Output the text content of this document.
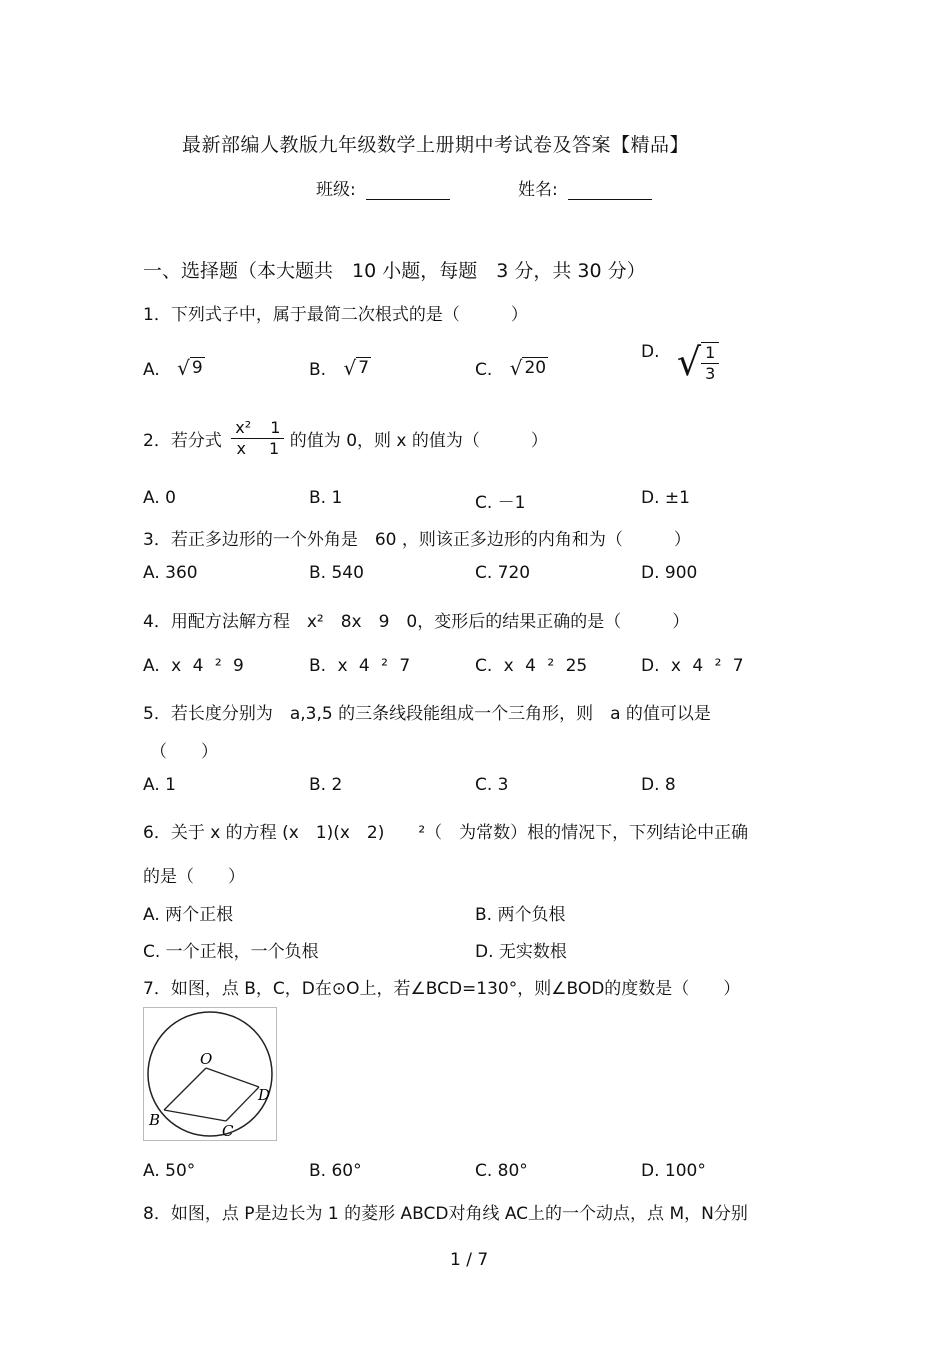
最新部编人教版九年级数学上册期中考试卷及答案【精品】
班级:	姓名:
一、选择题（本大题共　10 小题，每题　3 分，共 30 分）
1．下列式子中，属于最简二次根式的是（　　　）
A. √ 9	B. √ 7	C. √ 20
D. √ $\frac{1}{3}$
2．若分式 $\frac{\text{x² 1}}{x 1}$ 的值为 0，则 x 的值为（　　　）
A. 0	B. 1	C. －1	D. ±1
3．若正多边形的一个外角是　60 ，则该正多边形的内角和为（　　　）
A. 360	B. 540	C. 720	D. 900
4．用配方法解方程　x²　8x　9　0，变形后的结果正确的是（　　　）
A. x 4 ² 9	B. x 4 ² 7	C. x 4 ² 25	D. x 4 ² 7
5．若长度分别为　a,3,5 的三条线段能组成一个三角形，则　a 的值可以是
（　　）
A. 1	B. 2	C. 3	D. 8
6．关于 x 的方程 (x　1)(x　2)　　²（　为常数）根的情况下，下列结论中正确
的是（　　）
A. 两个正根	B. 两个负根
C. 一个正根，一个负根	D. 无实数根
7．如图，点 B，C，D在⊙O上，若∠BCD=130°，则∠BOD的度数是（　　）
O
B
C
D
A. 50°	B. 60°	C. 80°	D. 100°
8．如图，点 P是边长为 1 的菱形 ABCD对角线 AC上的一个动点，点 M，N分别
1 / 7
